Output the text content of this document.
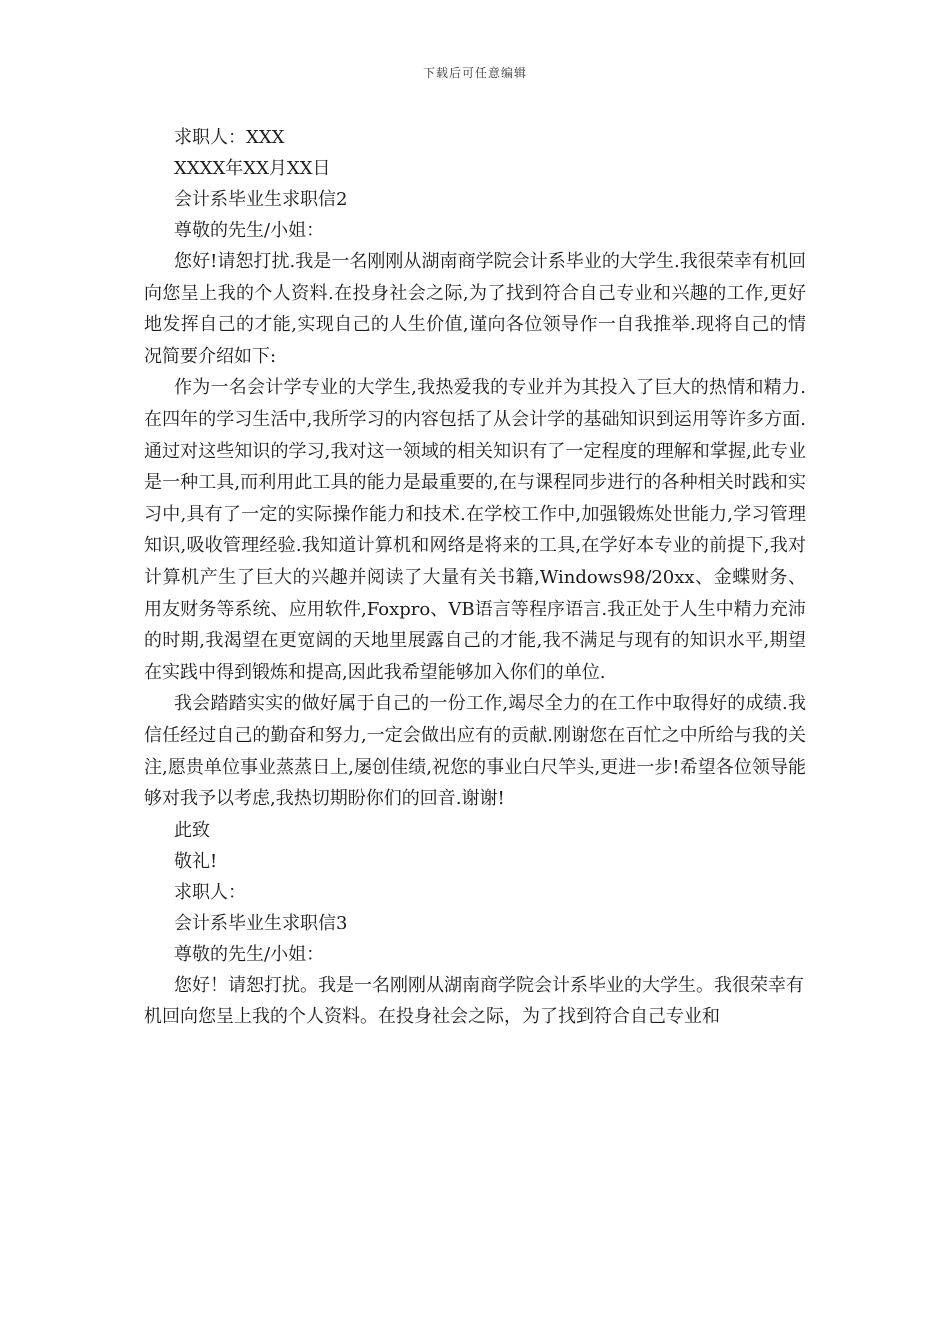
下载后可任意编辑

求职人：XXX

XXXX年XX月XX日

会计系毕业生求职信2

尊敬的先生/小姐：

您好!请恕打扰.我是一名刚刚从湖南商学院会计系毕业的大学生.我很荣幸有机回向您呈上我的个人资料.在投身社会之际,为了找到符合自己专业和兴趣的工作,更好地发挥自己的才能,实现自己的人生价值,谨向各位领导作一自我推举.现将自己的情况简要介绍如下:

作为一名会计学专业的大学生,我热爱我的专业并为其投入了巨大的热情和精力.在四年的学习生活中,我所学习的内容包括了从会计学的基础知识到运用等许多方面.通过对这些知识的学习,我对这一领域的相关知识有了一定程度的理解和掌握,此专业是一种工具,而利用此工具的能力是最重要的,在与课程同步进行的各种相关时践和实习中,具有了一定的实际操作能力和技术.在学校工作中,加强锻炼处世能力,学习管理知识,吸收管理经验.我知道计算机和网络是将来的工具,在学好本专业的前提下,我对计算机产生了巨大的兴趣并阅读了大量有关书籍,Windows98/20xx、金蝶财务、用友财务等系统、应用软件,Foxpro、VB语言等程序语言.我正处于人生中精力充沛的时期,我渴望在更宽阔的天地里展露自己的才能,我不满足与现有的知识水平,期望在实践中得到锻炼和提高,因此我希望能够加入你们的单位.

我会踏踏实实的做好属于自己的一份工作,竭尽全力的在工作中取得好的成绩.我信任经过自己的勤奋和努力,一定会做出应有的贡献.刚谢您在百忙之中所给与我的关注,愿贵单位事业蒸蒸日上,屡创佳绩,祝您的事业白尺竿头,更进一步!希望各位领导能够对我予以考虑,我热切期盼你们的回音.谢谢!

此致

敬礼!

求职人：

会计系毕业生求职信3

尊敬的先生/小姐：

您好！请恕打扰。我是一名刚刚从湖南商学院会计系毕业的大学生。我很荣幸有机回向您呈上我的个人资料。在投身社会之际，为了找到符合自己专业和
